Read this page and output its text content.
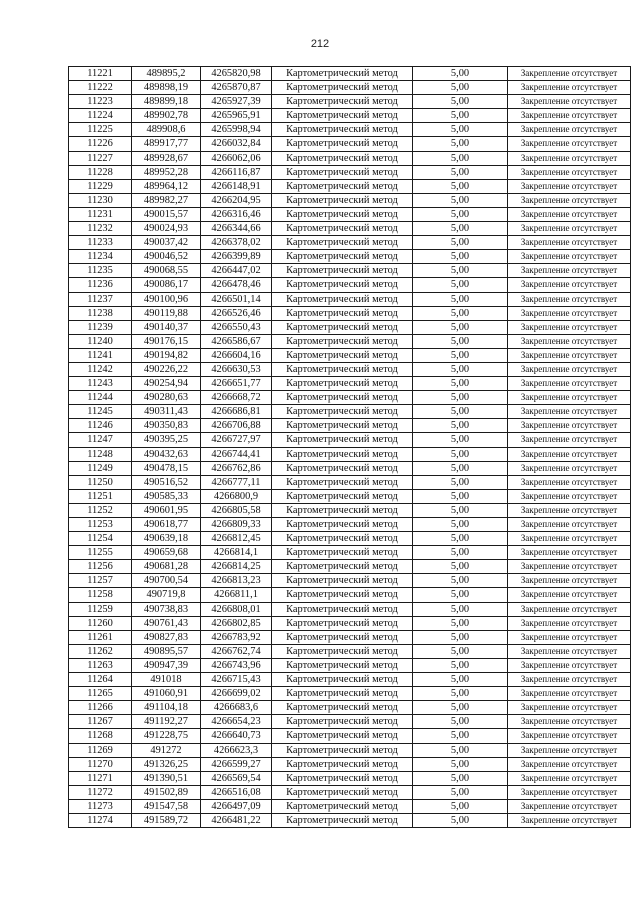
212
11221	489895,2	4265820,98	Картометрический метод	5,00	Закрепление отсутствует
11222	489898,19	4265870,87	Картометрический метод	5,00	Закрепление отсутствует
11223	489899,18	4265927,39	Картометрический метод	5,00	Закрепление отсутствует
11224	489902,78	4265965,91	Картометрический метод	5,00	Закрепление отсутствует
11225	489908,6	4265998,94	Картометрический метод	5,00	Закрепление отсутствует
11226	489917,77	4266032,84	Картометрический метод	5,00	Закрепление отсутствует
11227	489928,67	4266062,06	Картометрический метод	5,00	Закрепление отсутствует
11228	489952,28	4266116,87	Картометрический метод	5,00	Закрепление отсутствует
11229	489964,12	4266148,91	Картометрический метод	5,00	Закрепление отсутствует
11230	489982,27	4266204,95	Картометрический метод	5,00	Закрепление отсутствует
11231	490015,57	4266316,46	Картометрический метод	5,00	Закрепление отсутствует
11232	490024,93	4266344,66	Картометрический метод	5,00	Закрепление отсутствует
11233	490037,42	4266378,02	Картометрический метод	5,00	Закрепление отсутствует
11234	490046,52	4266399,89	Картометрический метод	5,00	Закрепление отсутствует
11235	490068,55	4266447,02	Картометрический метод	5,00	Закрепление отсутствует
11236	490086,17	4266478,46	Картометрический метод	5,00	Закрепление отсутствует
11237	490100,96	4266501,14	Картометрический метод	5,00	Закрепление отсутствует
11238	490119,88	4266526,46	Картометрический метод	5,00	Закрепление отсутствует
11239	490140,37	4266550,43	Картометрический метод	5,00	Закрепление отсутствует
11240	490176,15	4266586,67	Картометрический метод	5,00	Закрепление отсутствует
11241	490194,82	4266604,16	Картометрический метод	5,00	Закрепление отсутствует
11242	490226,22	4266630,53	Картометрический метод	5,00	Закрепление отсутствует
11243	490254,94	4266651,77	Картометрический метод	5,00	Закрепление отсутствует
11244	490280,63	4266668,72	Картометрический метод	5,00	Закрепление отсутствует
11245	490311,43	4266686,81	Картометрический метод	5,00	Закрепление отсутствует
11246	490350,83	4266706,88	Картометрический метод	5,00	Закрепление отсутствует
11247	490395,25	4266727,97	Картометрический метод	5,00	Закрепление отсутствует
11248	490432,63	4266744,41	Картометрический метод	5,00	Закрепление отсутствует
11249	490478,15	4266762,86	Картометрический метод	5,00	Закрепление отсутствует
11250	490516,52	4266777,11	Картометрический метод	5,00	Закрепление отсутствует
11251	490585,33	4266800,9	Картометрический метод	5,00	Закрепление отсутствует
11252	490601,95	4266805,58	Картометрический метод	5,00	Закрепление отсутствует
11253	490618,77	4266809,33	Картометрический метод	5,00	Закрепление отсутствует
11254	490639,18	4266812,45	Картометрический метод	5,00	Закрепление отсутствует
11255	490659,68	4266814,1	Картометрический метод	5,00	Закрепление отсутствует
11256	490681,28	4266814,25	Картометрический метод	5,00	Закрепление отсутствует
11257	490700,54	4266813,23	Картометрический метод	5,00	Закрепление отсутствует
11258	490719,8	4266811,1	Картометрический метод	5,00	Закрепление отсутствует
11259	490738,83	4266808,01	Картометрический метод	5,00	Закрепление отсутствует
11260	490761,43	4266802,85	Картометрический метод	5,00	Закрепление отсутствует
11261	490827,83	4266783,92	Картометрический метод	5,00	Закрепление отсутствует
11262	490895,57	4266762,74	Картометрический метод	5,00	Закрепление отсутствует
11263	490947,39	4266743,96	Картометрический метод	5,00	Закрепление отсутствует
11264	491018	4266715,43	Картометрический метод	5,00	Закрепление отсутствует
11265	491060,91	4266699,02	Картометрический метод	5,00	Закрепление отсутствует
11266	491104,18	4266683,6	Картометрический метод	5,00	Закрепление отсутствует
11267	491192,27	4266654,23	Картометрический метод	5,00	Закрепление отсутствует
11268	491228,75	4266640,73	Картометрический метод	5,00	Закрепление отсутствует
11269	491272	4266623,3	Картометрический метод	5,00	Закрепление отсутствует
11270	491326,25	4266599,27	Картометрический метод	5,00	Закрепление отсутствует
11271	491390,51	4266569,54	Картометрический метод	5,00	Закрепление отсутствует
11272	491502,89	4266516,08	Картометрический метод	5,00	Закрепление отсутствует
11273	491547,58	4266497,09	Картометрический метод	5,00	Закрепление отсутствует
11274	491589,72	4266481,22	Картометрический метод	5,00	Закрепление отсутствует
